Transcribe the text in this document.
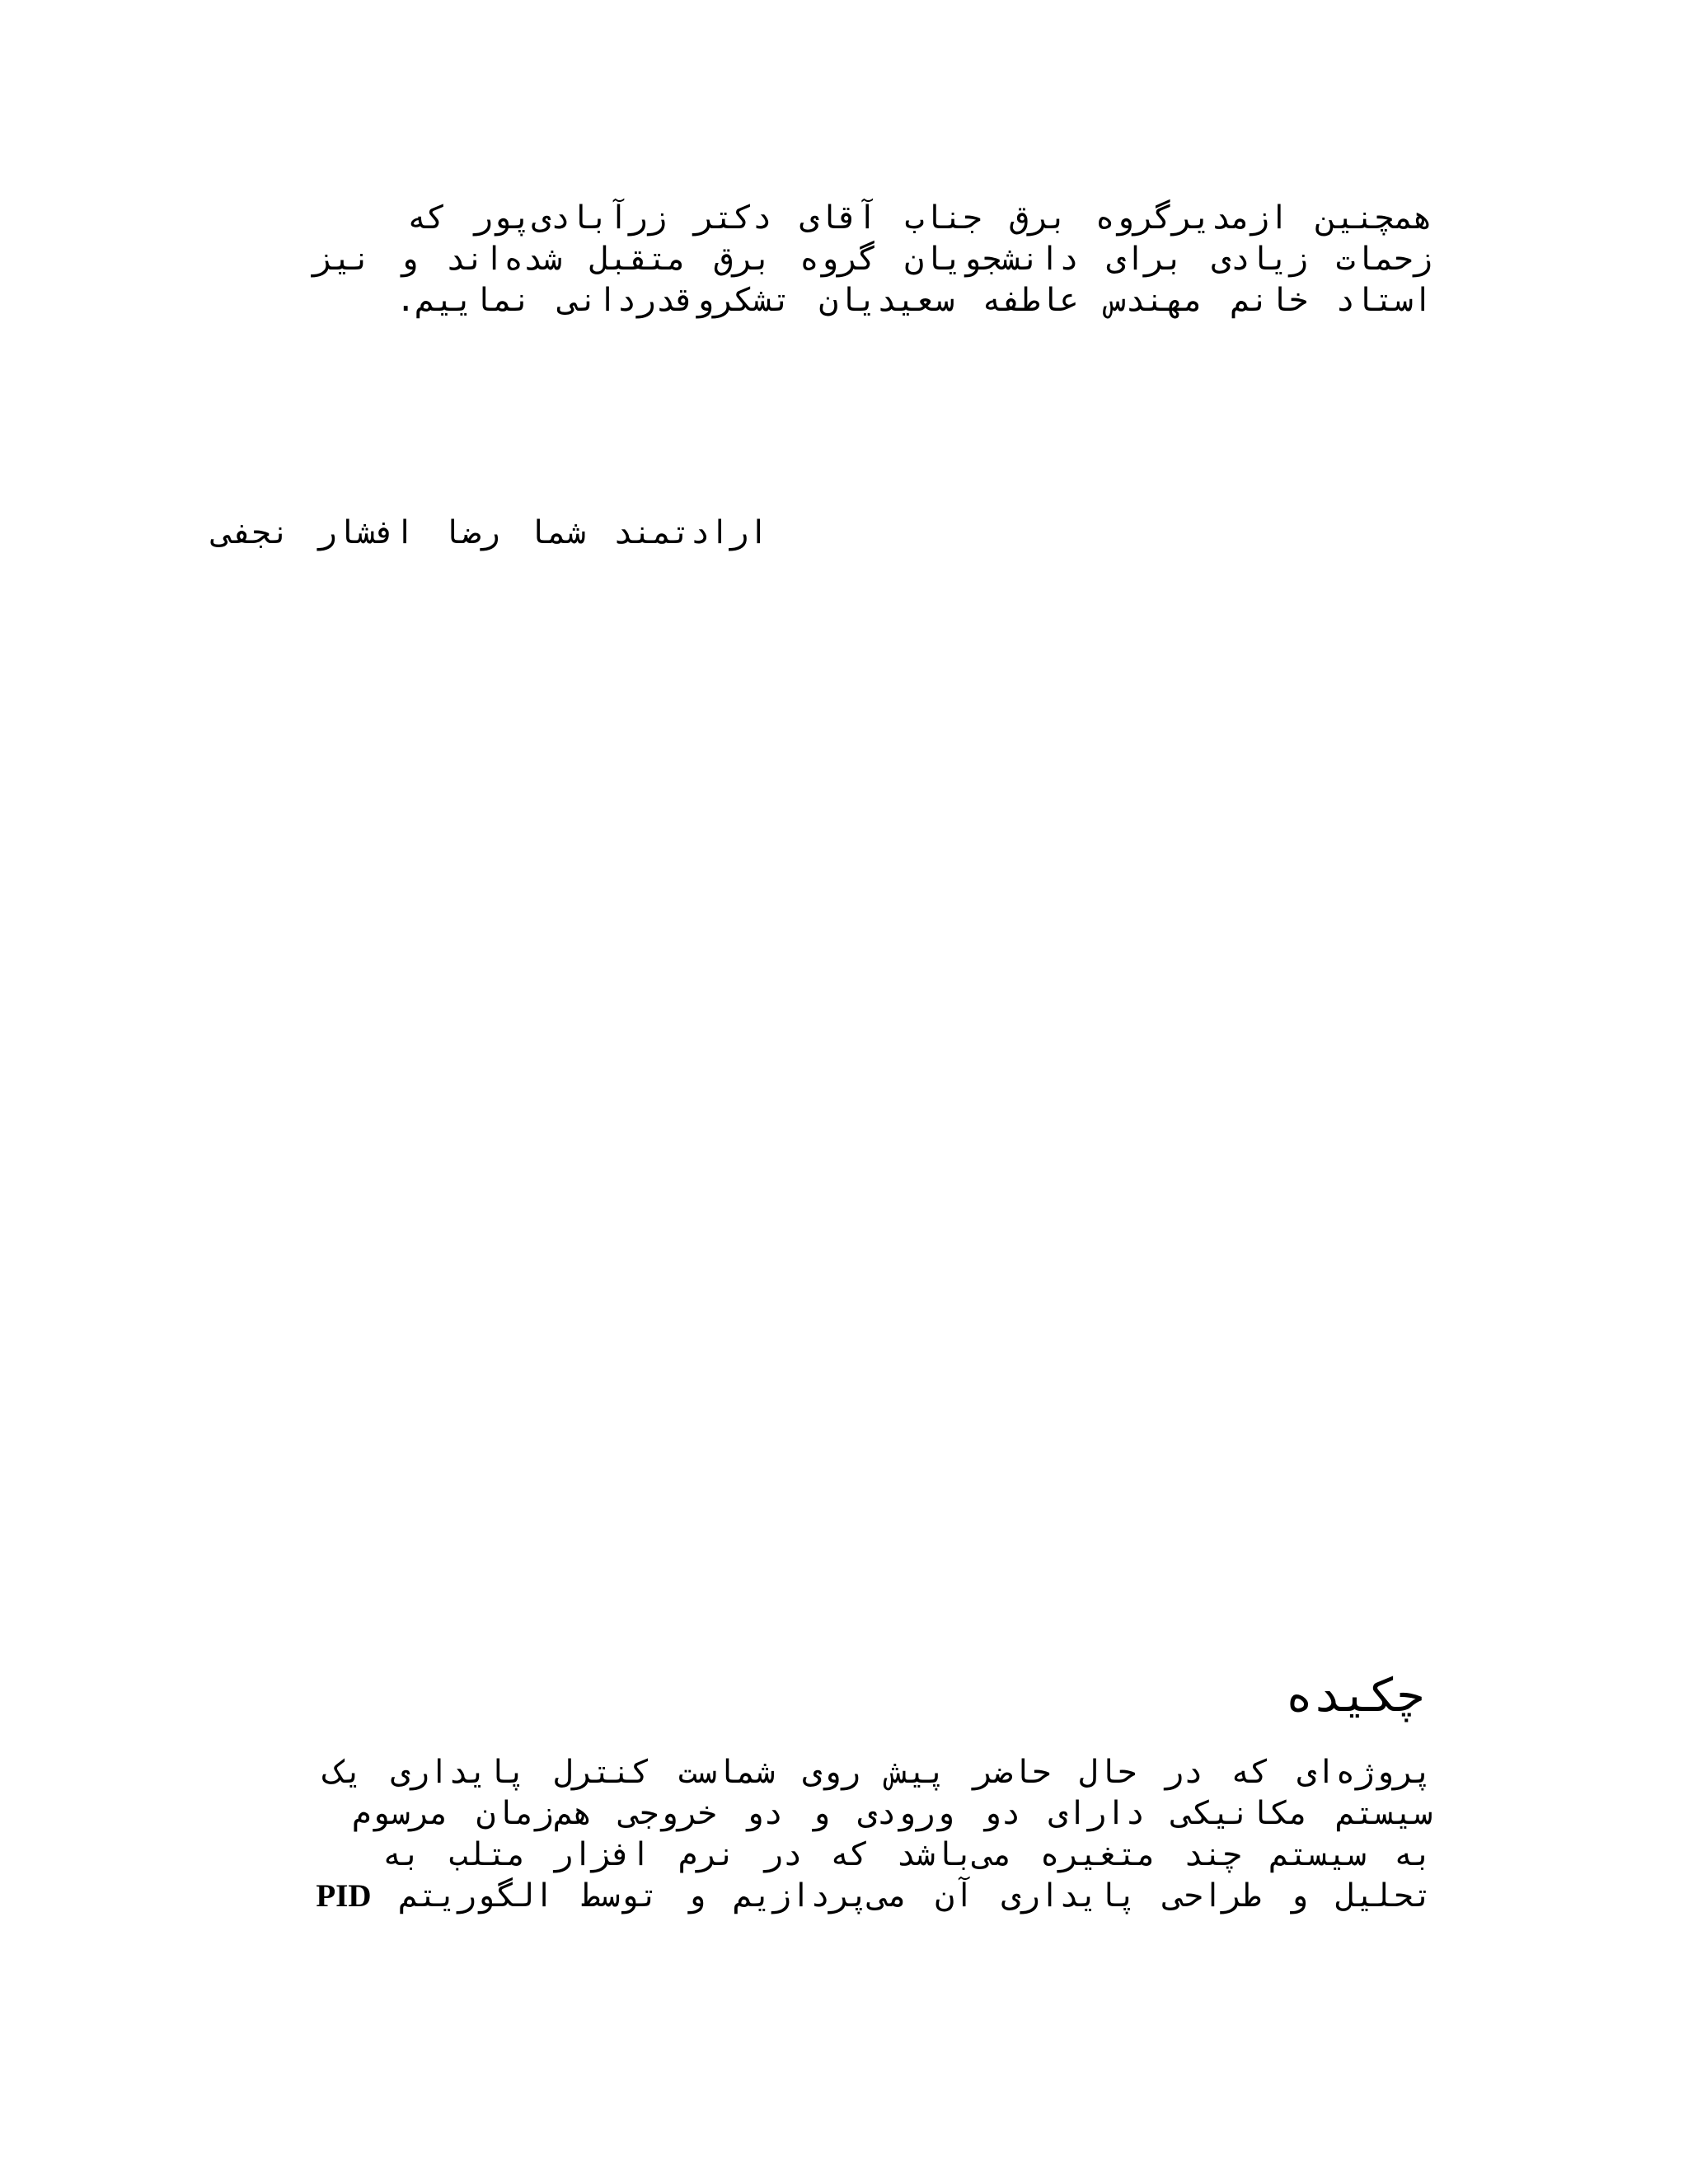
همچنین ازمدیرگروه برق جناب آقای دکتر زرآبادی‌پور که

زحمات زیادی برای دانشجویان گروه برق متقبل شده‌اند و نیز

استاد خانم مهندس عاطفه سعیدیان تشکروقدردانی نماییم.

ارادتمند شما رضا افشار نجفی

چکیده

پروژه‌ای که در حال حاضر پیش روی شماست کنترل پایداری یک

سیستم مکانیکی دارای دو ورودی و دو خروجی هم‌زمان مرسوم

به سیستم چند متغیره می‌باشد که در نرم افزار متلب به

تحلیل و طراحی پایداری آن می‌پردازیم و توسط الگوریتم PID
